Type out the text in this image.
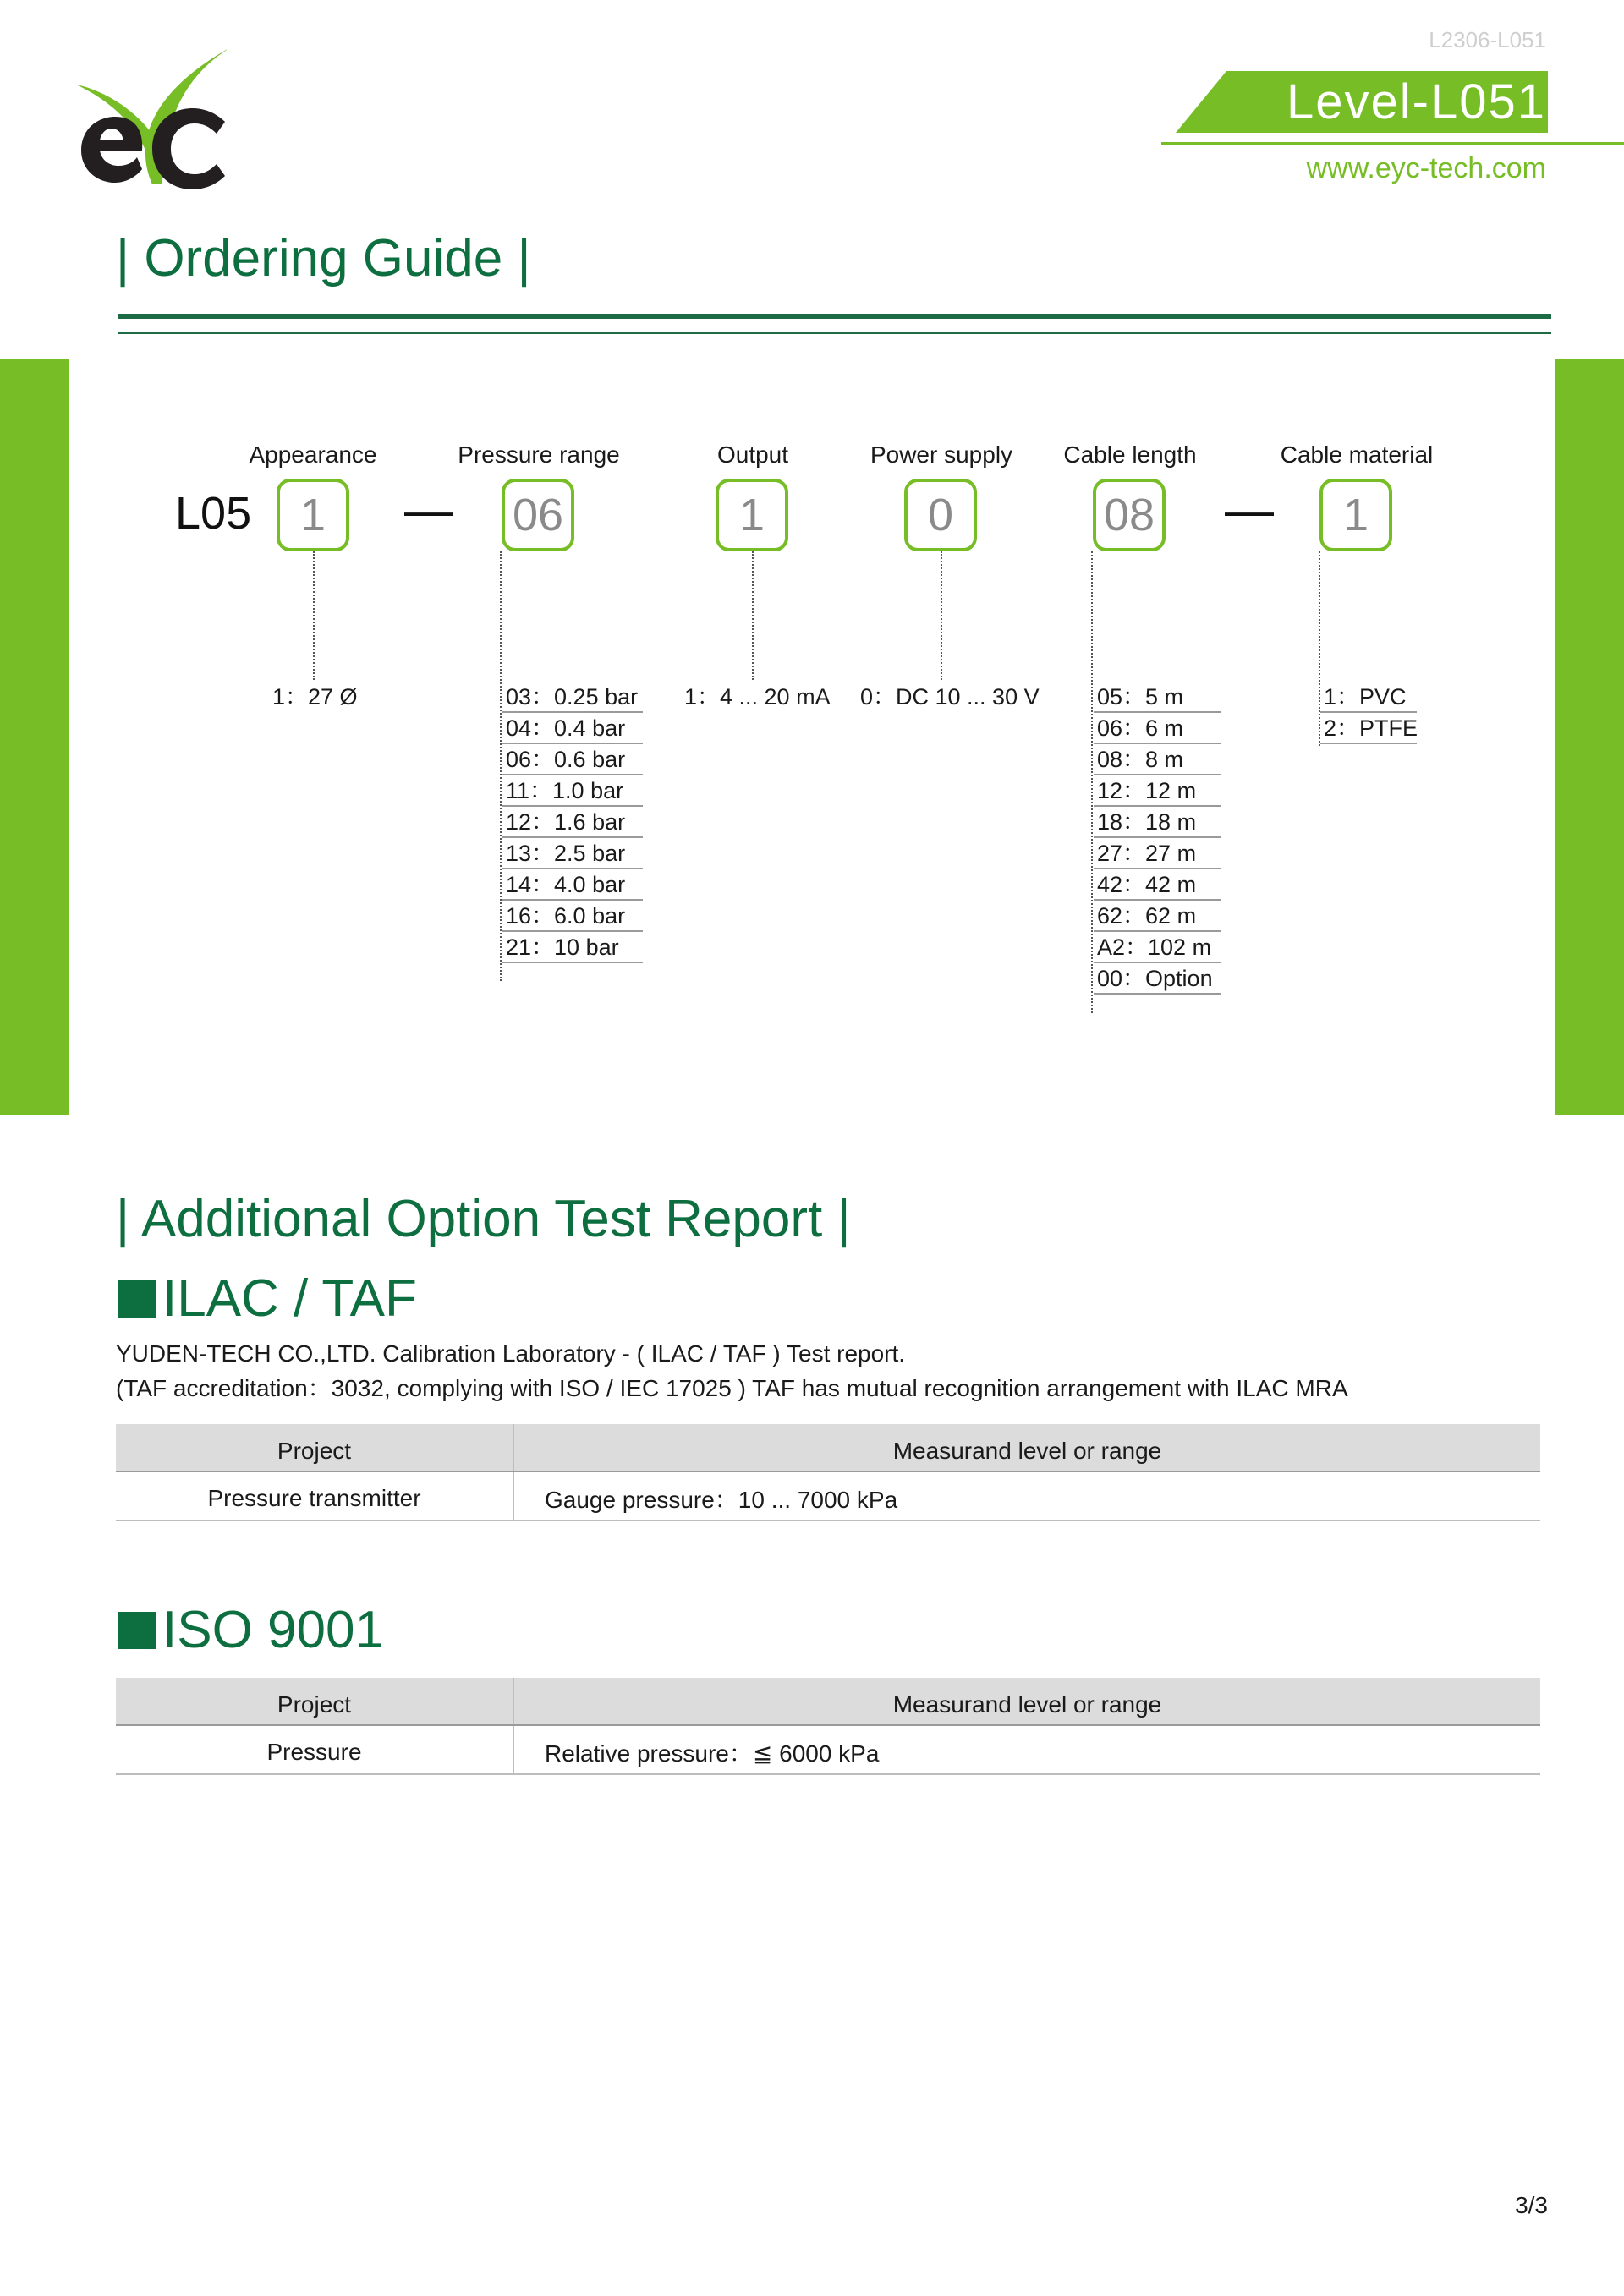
L2306-L051
Level-L051
www.eyc-tech.com
| Ordering Guide |
L05
Appearance
1
1：27 Ø
—
Pressure range
06
03：0.25 bar
04：0.4 bar
06：0.6 bar
11：1.0 bar
12：1.6 bar
13：2.5 bar
14：4.0 bar
16：6.0 bar
21：10 bar
Output
1
1：4 ... 20 mA
Power supply
0
0：DC 10 ... 30 V
Cable length
08
05：5 m
06：6 m
08：8 m
12：12 m
18：18 m
27：27 m
42：42 m
62：62 m
A2：102 m
00：Option
—
Cable material
1
1：PVC
2：PTFE
| Additional Option Test Report |
ILAC / TAF
YUDEN-TECH CO.,LTD. Calibration Laboratory - ( ILAC / TAF ) Test report.
(TAF accreditation：3032, complying with ISO / IEC 17025 ) TAF has mutual recognition arrangement with ILAC MRA
Project	Measurand level or range
Pressure transmitter	Gauge pressure：10 ... 7000 kPa
ISO 9001
Project	Measurand level or range
Pressure	Relative pressure：≦ 6000 kPa
3/3
